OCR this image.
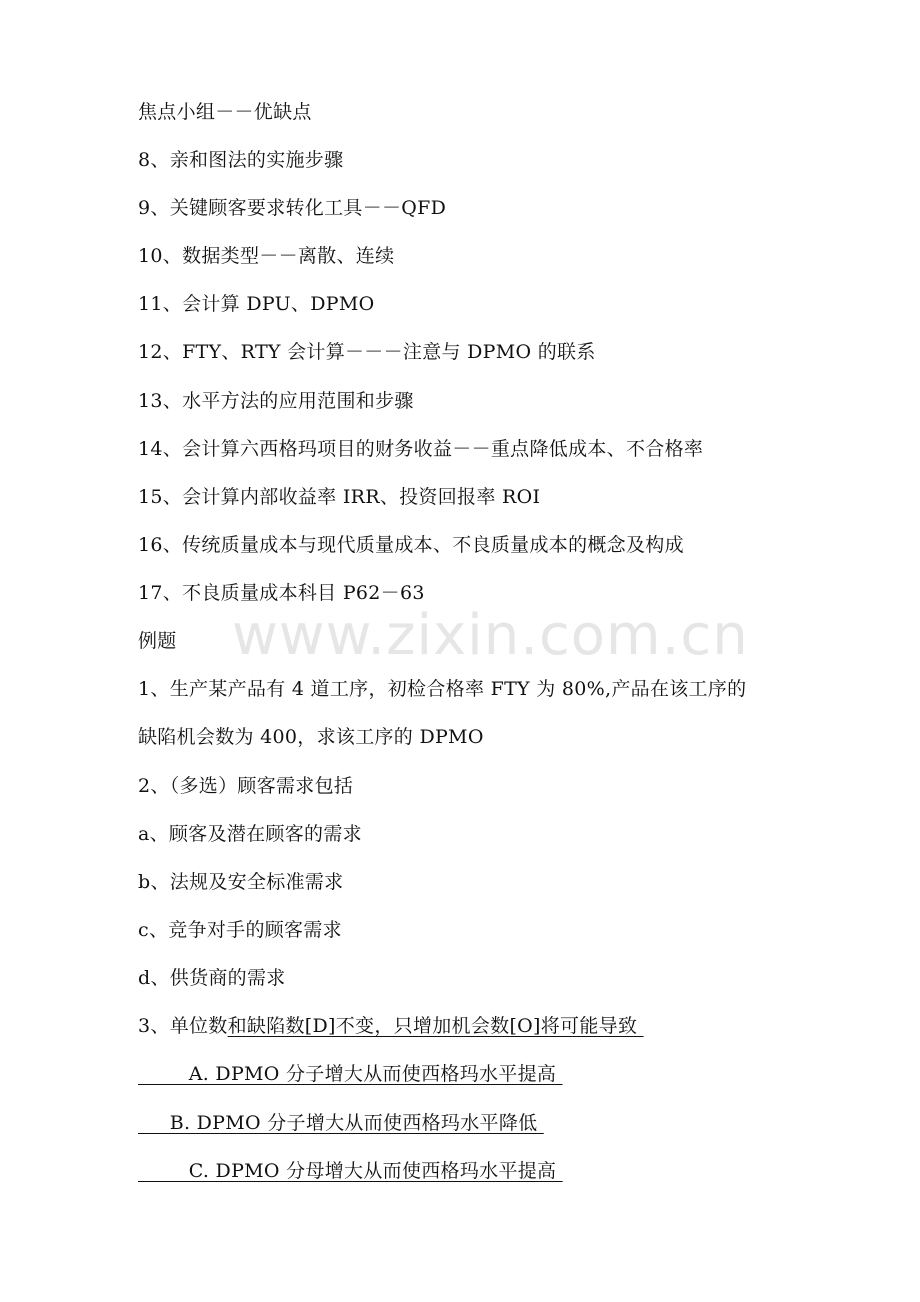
www.zixin.com.cn
焦点小组－－优缺点
8、亲和图法的实施步骤
9、关键顾客要求转化工具－－QFD
10、数据类型－－离散、连续
11、会计算 DPU、DPMO
12、FTY、RTY 会计算－－－注意与 DPMO 的联系
13、水平方法的应用范围和步骤
14、会计算六西格玛项目的财务收益－－重点降低成本、不合格率
15、会计算内部收益率 IRR、投资回报率 ROI
16、传统质量成本与现代质量成本、不良质量成本的概念及构成
17、不良质量成本科目 P62－63
例题
1、生产某产品有 4 道工序，初检合格率 FTY 为 80%,产品在该工序的
缺陷机会数为 400，求该工序的 DPMO
2、（多选）顾客需求包括
a、顾客及潜在顾客的需求
b、法规及安全标准需求
c、竞争对手的顾客需求
d、供货商的需求
3、单位数和缺陷数[D]不变，只增加机会数[O]将可能导致
A. DPMO 分子增大从而使西格玛水平提高
B. DPMO 分子增大从而使西格玛水平降低
C. DPMO 分母增大从而使西格玛水平提高
